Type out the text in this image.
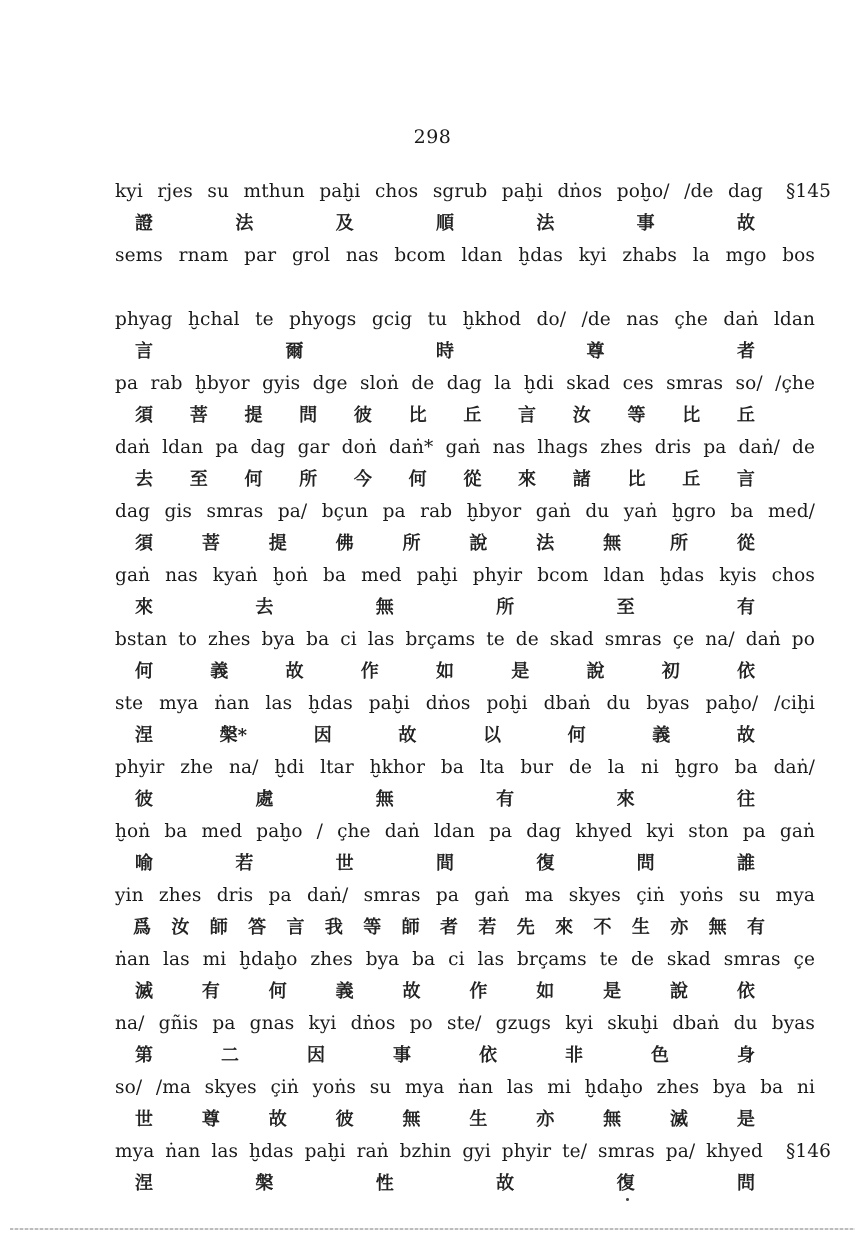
298
kyi rjes su mthun paḫi chos sgrub paḫi dṅos poḫo/ /de dag §145
證	法	及	順	法	事	故
sems rnam par grol nas bcom ldan ḫdas kyi zhabs la mgo bos
phyag ḫchal te phyogs gcig tu ḫkhod do/ /de nas çhe daṅ ldan
言	爾	時	尊	者
pa rab ḫbyor gyis dge sloṅ de dag la ḫdi skad ces smras so/ /çhe
須 菩 提 問 彼 比 丘 言 汝 等 比 丘
daṅ ldan pa dag gar doṅ daṅ* gaṅ nas lhags zhes dris pa daṅ/ de
去 至 何 所 今 何 從 來 諸 比 丘 言
dag gis smras pa/ bçun pa rab ḫbyor gaṅ du yaṅ ḫgro ba med/
須	菩	提	佛	所	說	法	無	所	從
gaṅ nas kyaṅ ḫoṅ ba med paḫi phyir bcom ldan ḫdas kyis chos
來	去	無	所	至	有
bstan to zhes bya ba ci las brçams te de skad smras çe na/ daṅ po
何	義	故	作	如	是	說	初	依
ste mya ṅan las ḫdas paḫi dṅos poḫi dbaṅ du byas paḫo/ /ciḫi
涅	槃*	因	故	以	何	義	故
phyir zhe na/ ḫdi ltar ḫkhor ba lta bur de la ni ḫgro ba daṅ/
彼	處	無	有	來	往
ḫoṅ ba med paḫo / çhe daṅ ldan pa dag khyed kyi ston pa gaṅ
喻	若	世	間	復	問	誰
yin zhes dris pa daṅ/ smras pa gaṅ ma skyes çiṅ yoṅs su mya
爲 汝 師 答 言 我 等 師 者 若 先 來 不 生 亦 無 有
ṅan las mi ḫdaḫo zhes bya ba ci las brçams te de skad smras çe
滅	有	何	義	故	作	如	是	說	依
na/ gñis pa gnas kyi dṅos po ste/ gzugs kyi skuḫi dbaṅ du byas
第	二	因	事	依	非	色	身
so/ /ma skyes çiṅ yoṅs su mya ṅan las mi ḫdaḫo zhes bya ba ni
世	尊	故	彼	無	生	亦	無	滅	是
mya ṅan las ḫdas paḫi raṅ bzhin gyi phyir te/ smras pa/ khyed §146
涅	槃	性	故	復	問
